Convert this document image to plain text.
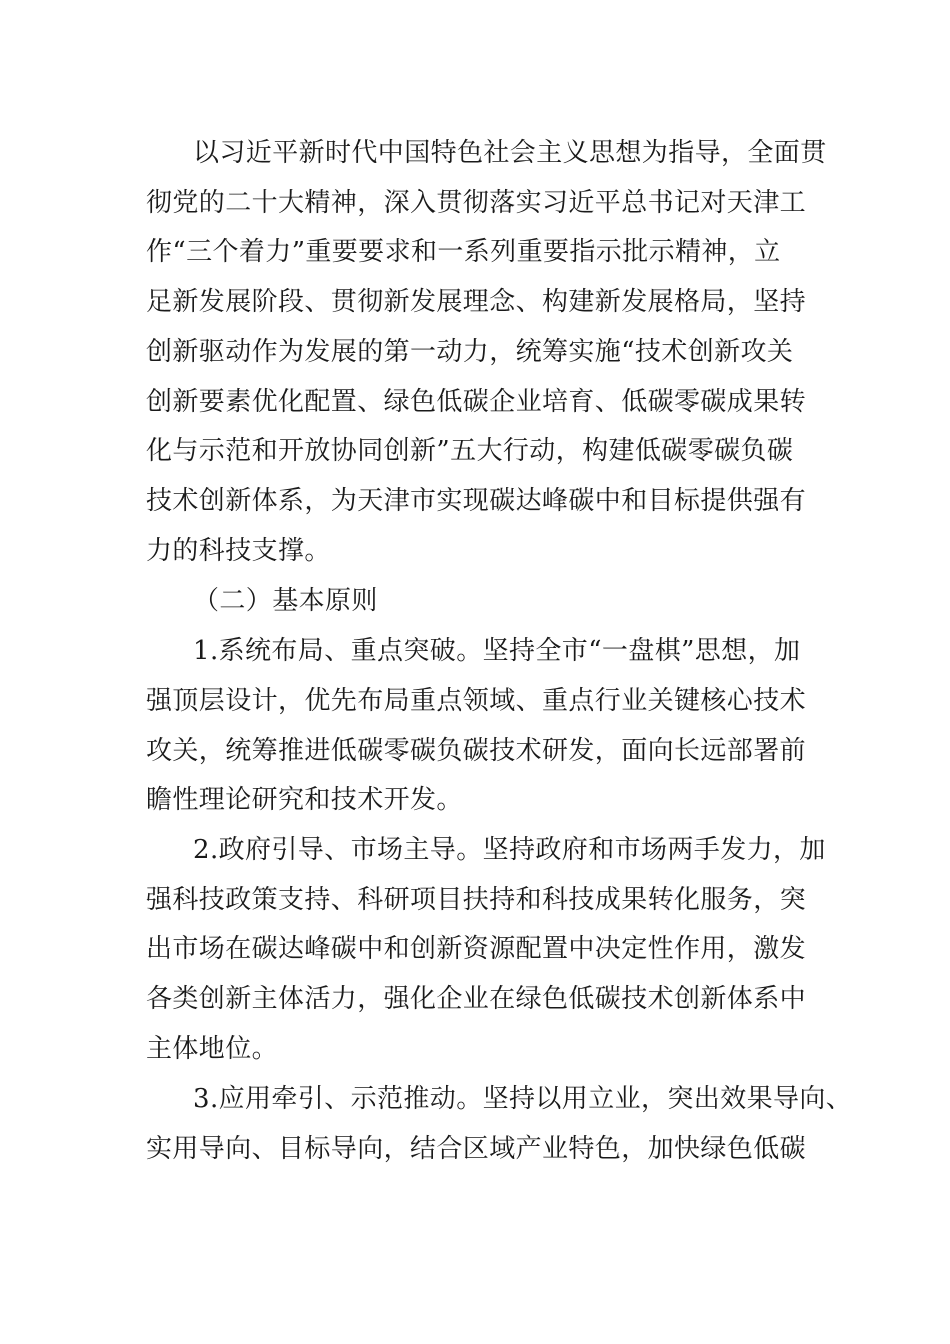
以习近平新时代中国特色社会主义思想为指导，全面贯
彻党的二十大精神，深入贯彻落实习近平总书记对天津工
作“三个着力”重要要求和一系列重要指示批示精神，立
足新发展阶段、贯彻新发展理念、构建新发展格局，坚持
创新驱动作为发展的第一动力，统筹实施“技术创新攻关
创新要素优化配置、绿色低碳企业培育、低碳零碳成果转
化与示范和开放协同创新”五大行动，构建低碳零碳负碳
技术创新体系，为天津市实现碳达峰碳中和目标提供强有
力的科技支撑。
（二）基本原则
1.系统布局、重点突破。坚持全市“一盘棋”思想，加
强顶层设计，优先布局重点领域、重点行业关键核心技术
攻关，统筹推进低碳零碳负碳技术研发，面向长远部署前
瞻性理论研究和技术开发。
2.政府引导、市场主导。坚持政府和市场两手发力，加
强科技政策支持、科研项目扶持和科技成果转化服务，突
出市场在碳达峰碳中和创新资源配置中决定性作用，激发
各类创新主体活力，强化企业在绿色低碳技术创新体系中
主体地位。
3.应用牵引、示范推动。坚持以用立业，突出效果导向、
实用导向、目标导向，结合区域产业特色，加快绿色低碳
